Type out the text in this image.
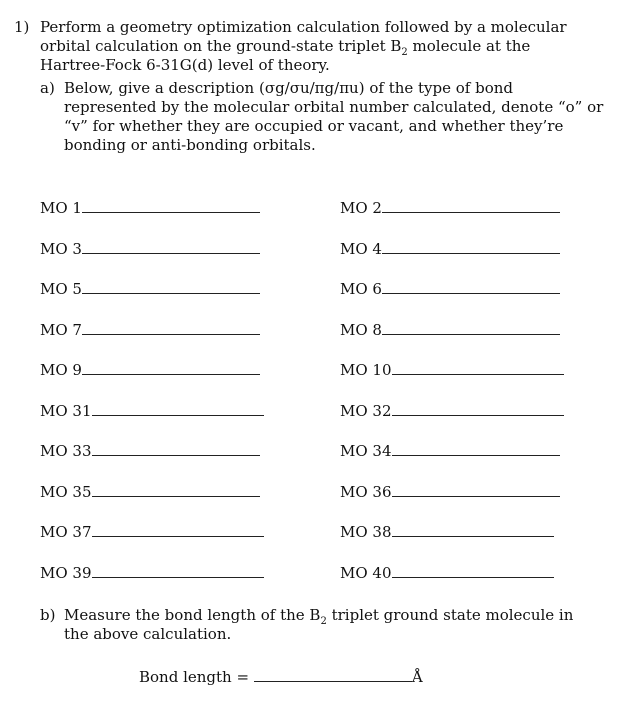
1) Perform a geometry optimization calculation followed by a molecular orbital calculation on the ground-state triplet $B_2$ molecule at the Hartree-Fock 6-31G(d) level of theory.
a) Below, give a description (σg/σu/πg/πu) of the type of bond represented by the molecular orbital number calculated, denote “o” or “v” for whether they are occupied or vacant, and whether they’re bonding or anti-bonding orbitals.
MO 1
MO 3
MO 5
MO 7
MO 9
MO 31
MO 33
MO 35
MO 37
MO 39
MO 2
MO 4
MO 6
MO 8
MO 10
MO 32
MO 34
MO 36
MO 38
MO 40
b) Measure the bond length of the $B_2$ triplet ground state molecule in the above calculation.
Bond length =	Å
